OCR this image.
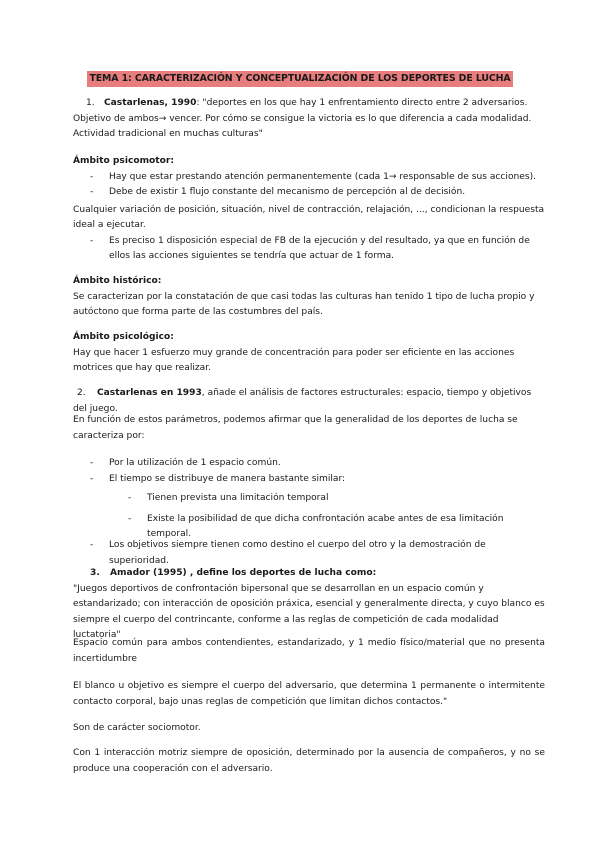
TEMA 1: CARACTERIZACIÓN Y CONCEPTUALIZACIÓN DE LOS DEPORTES DE LUCHA

1. Castarlenas, 1990: "deportes en los que hay 1 enfrentamiento directo entre 2 adversarios.

Objetivo de ambos→ vencer. Por cómo se consigue la victoria es lo que diferencia a cada modalidad.

Actividad tradicional en muchas culturas"

Ámbito psicomotor:

- Hay que estar prestando atención permanentemente (cada 1→ responsable de sus acciones).

- Debe de existir 1 flujo constante del mecanismo de percepción al de decisión.

Cualquier variación de posición, situación, nivel de contracción, relajación, ..., condicionan la respuesta ideal a ejecutar.

- Es preciso 1 disposición especial de FB de la ejecución y del resultado, ya que en función de ellos las acciones siguientes se tendría que actuar de 1 forma.

Ámbito histórico:

Se caracterizan por la constatación de que casi todas las culturas han tenido 1 tipo de lucha propio y autóctono que forma parte de las costumbres del país.

Ámbito psicológico:

Hay que hacer 1 esfuerzo muy grande de concentración para poder ser eficiente en las acciones motrices que hay que realizar.

2. Castarlenas en 1993, añade el análisis de factores estructurales: espacio, tiempo y objetivos del juego.

En función de estos parámetros, podemos afirmar que la generalidad de los deportes de lucha se caracteriza por:

- Por la utilización de 1 espacio común.

- El tiempo se distribuye de manera bastante similar:

- Tienen prevista una limitación temporal

- Existe la posibilidad de que dicha confrontación acabe antes de esa limitación temporal.

- Los objetivos siempre tienen como destino el cuerpo del otro y la demostración de superioridad.

3. Amador (1995) , define los deportes de lucha como:

"Juegos deportivos de confrontación bipersonal que se desarrollan en un espacio común y estandarizado; con interacción de oposición práxica, esencial y generalmente directa, y cuyo blanco es siempre el cuerpo del contrincante, conforme a las reglas de competición de cada modalidad luctatoria"

Espacio común para ambos contendientes, estandarizado, y 1 medio físico/material que no presenta incertidumbre

El blanco u objetivo es siempre el cuerpo del adversario, que determina 1 permanente o intermitente contacto corporal, bajo unas reglas de competición que limitan dichos contactos."

Son de carácter sociomotor.

Con 1 interacción motriz siempre de oposición, determinado por la ausencia de compañeros, y no se produce una cooperación con el adversario.
